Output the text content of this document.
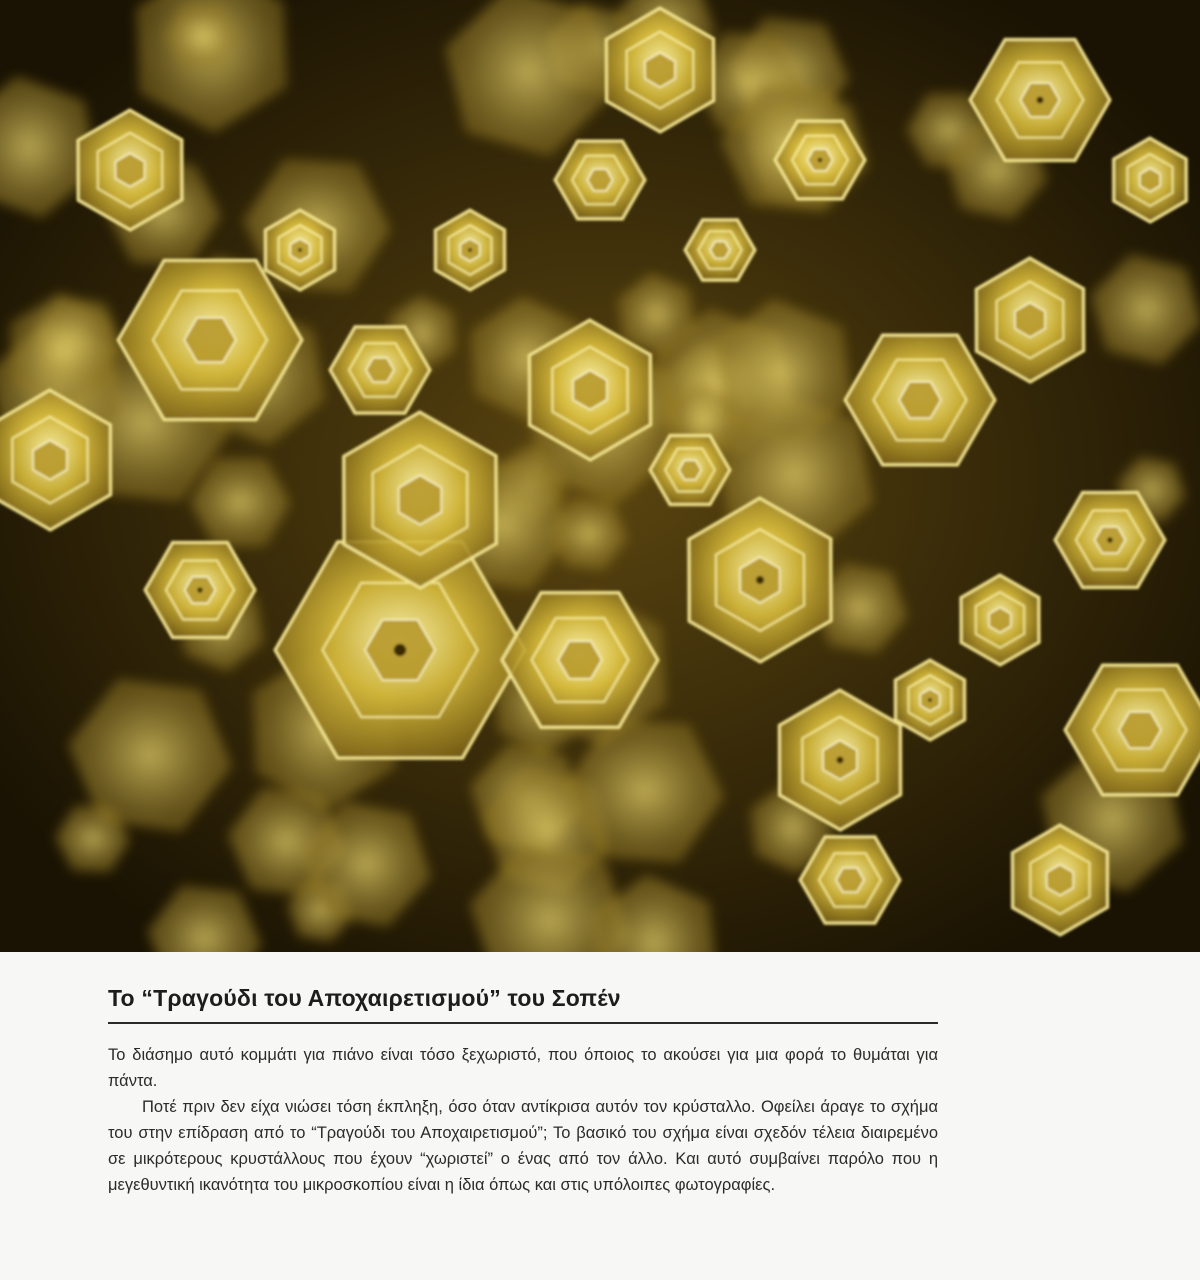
Το “Τραγούδι του Αποχαιρετισμού” του Σοπέν

Το διάσημο αυτό κομμάτι για πιάνο είναι τόσο ξεχωριστό, που όποιος το ακούσει για μια φορά το θυμάται για πάντα.

Ποτέ πριν δεν είχα νιώσει τόση έκπληξη, όσο όταν αντίκρισα αυτόν τον κρύσταλλο. Οφείλει άραγε το σχήμα του στην επίδραση από το “Τραγούδι του Αποχαιρετισμού”; Το βασικό του σχήμα είναι σχεδόν τέλεια διαιρεμένο σε μικρότερους κρυστάλλους που έχουν “χωριστεί” ο ένας από τον άλλο. Και αυτό συμβαίνει παρόλο που η μεγεθυντική ικανότητα του μικροσκοπίου είναι η ίδια όπως και στις υπόλοιπες φωτογραφίες.
